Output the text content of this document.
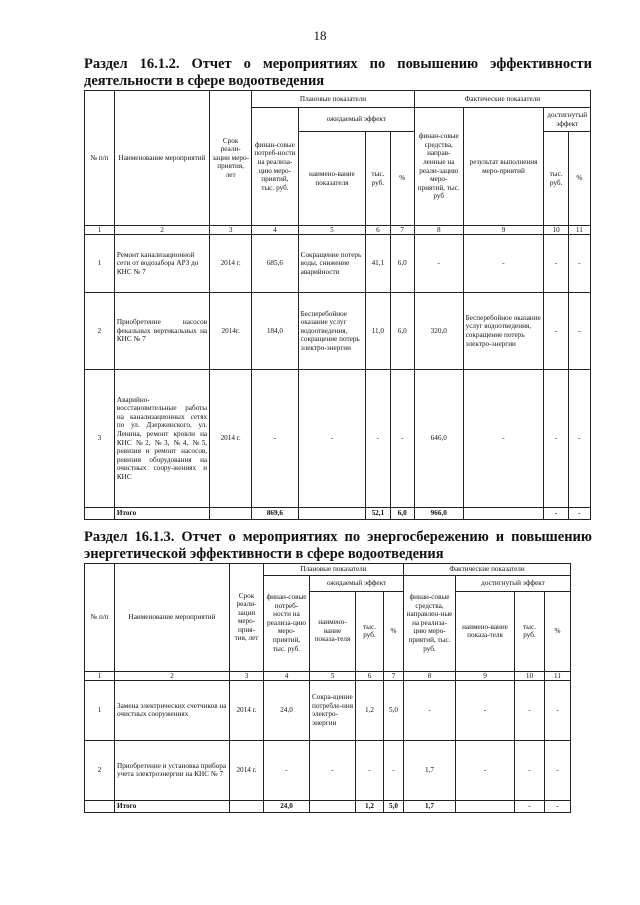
18
Раздел 16.1.2. Отчет о мероприятиях по повышению эффективности
деятельности в сфере водоотведения
№ п/п	Наименование мероприятий	Срок реали-зации меро-приятия, лет	Плановые показатели				Фактические показатели			
			финан-совые потреб-ности на реализа-цию меро-приятий, тыс. руб.	ожидаемый эффект			финан-совые средства, направ-ленные на реали-зацию меро-приятий, тыс. руб	результат выполнения меро-приятий	достигнутый эффект	
				наимено-вание показателя	тыс. руб.	%			тыс. руб.	%
1	2	3	4	5	6	7	8	9	10	11
1	Ремонт канализационной сети от водозабора АРЗ до КНС № 7	2014 г.	685,6	Сокращение потерь воды, снижение аварийности	41,1	6,0	-	-	-	-
2	Приобретение насосов фекальных вертикальных на КНС № 7	2014г.	184,0	Бесперебойное оказание услуг водоотведения, сокращение потерь электро-энергии	11,0	6,0	320,0	Бесперебойное оказание услуг водоотведения, сокращение потерь электро-энергии	-	-
3	Аварийно-восстановительные работы на канализационных сетях по ул. Дзержинского, ул. Ленина, ремонт кровли на КНС №2, №3, №4, №5, ревизия и ремонт насосов, ревизия оборудования на очистных соору-жениях и КНС	2014 г.	-	-	-	-	646,0	-	-	-
	Итого		869,6		52,1	6,0	966,0		-	-
Раздел 16.1.3. Отчет о мероприятиях по энергосбережению и повышению энергетической эффективности в сфере водоотведения
№ п/п	Наименование мероприятий	Срок реали-зации меро-прия-тия, лет	Плановые показатели				Фактические показатели			
			финан-совые потреб-ности на реализа-цию меро-приятий, тыс. руб.	ожидаемый эффект			финан-совые средства, направлен-ные на реализа-цию меро-приятий, тыс. руб.	достигнутый эффект		
				наимено-вание показа-теля	тыс. руб.	%		наимено-вание показа-теля	тыс. руб.	%
1	2	3	4	5	6	7	8	9	10	11
1	Замена электрических счетчиков на очистных сооружениях	2014 г.	24,0	Сокра-щение потребле-ния электро-энергии	1,2	5,0	-	-	-	-
2	Приобретение и установка прибора учета электроэнергии на КНС № 7	2014 г.	-	-	-	-	1,7	-	-	-
	Итого		24,0		1,2	5,0	1,7		-	-
